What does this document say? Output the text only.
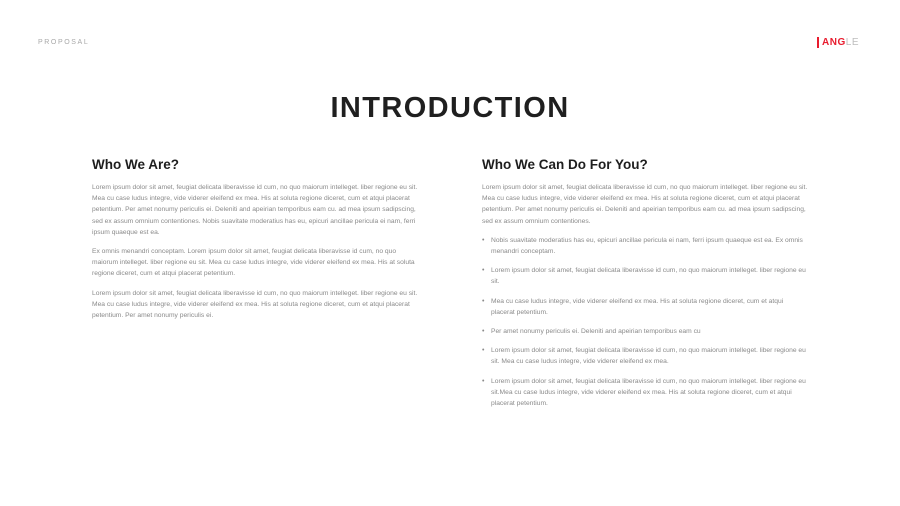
PROPOSAL	ANG LE
INTRODUCTION
Who We Are?

Lorem ipsum dolor sit amet, feugiat delicata liberavisse id cum, no quo maiorum intelleget. liber regione eu sit. Mea cu case ludus integre, vide viderer eleifend ex mea. His at soluta regione diceret, cum et atqui placerat petentium. Per amet nonumy periculis ei. Deleniti and apeirian temporibus eam cu. ad mea ipsum sadipscing, sed ex assum omnium contentiones. Nobis suavitate moderatius has eu, epicuri ancillae pericula ei nam, ferri ipsum quaeque est ea.

Ex omnis menandri conceptam. Lorem ipsum dolor sit amet, feugiat delicata liberavisse id cum, no quo maiorum intelleget. liber regione eu sit. Mea cu case ludus integre, vide viderer eleifend ex mea. His at soluta regione diceret, cum et atqui placerat petentium.

Lorem ipsum dolor sit amet, feugiat delicata liberavisse id cum, no quo maiorum intelleget. liber regione eu sit. Mea cu case ludus integre, vide viderer eleifend ex mea. His at soluta regione diceret, cum et atqui placerat petentium. Per amet nonumy periculis ei.

Who We Can Do For You?

Lorem ipsum dolor sit amet, feugiat delicata liberavisse id cum, no quo maiorum intelleget. liber regione eu sit. Mea cu case ludus integre, vide viderer eleifend ex mea. His at soluta regione diceret, cum et atqui placerat petentium. Per amet nonumy periculis ei. Deleniti and apeirian temporibus eam cu. ad mea ipsum sadipscing, sed ex assum omnium contentiones.

• Nobis suavitate moderatius has eu, epicuri ancillae pericula ei nam, ferri ipsum quaeque est ea. Ex omnis menandri conceptam.
• Lorem ipsum dolor sit amet, feugiat delicata liberavisse id cum, no quo maiorum intelleget. liber regione eu sit.
• Mea cu case ludus integre, vide viderer eleifend ex mea. His at soluta regione diceret, cum et atqui placerat petentium.
• Per amet nonumy periculis ei. Deleniti and apeirian temporibus eam cu
• Lorem ipsum dolor sit amet, feugiat delicata liberavisse id cum, no quo maiorum intelleget. liber regione eu sit. Mea cu case ludus integre, vide viderer eleifend ex mea.
• Lorem ipsum dolor sit amet, feugiat delicata liberavisse id cum, no quo maiorum intelleget. liber regione eu sit.Mea cu case ludus integre, vide viderer eleifend ex mea. His at soluta regione diceret, cum et atqui placerat petentium.
